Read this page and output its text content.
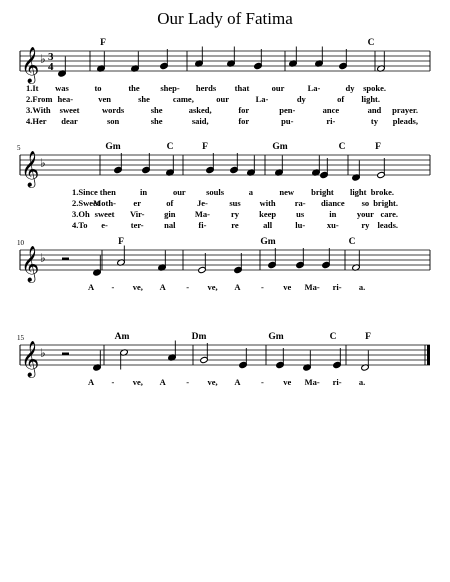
Our Lady of Fatima
𝄞 ♭ 3
4
F	C
1.It was	to	the shep- herds that	our	La-	dy spoke.
2.From hea-	ven	she	came,	our	La-	dy	of light.
3.With sweet	words	she	asked,	for	pen-	ance	and prayer.
4.Her dear	son	she	said,	for	pu-	ri-	ty pleads,
𝄞 ♭
5	Gm	C	F	Gm	C	F
1.Since then	in	our souls	a	new bright light broke.
2.Sweet
Moth- er	of	Je-	sus with ra- diance so bright.
3.Oh sweet Vir- gin Ma- ry keep us	in your care.
4.To e-	ter- nal	fi-	re	all	lu-	xu-	ry leads.
𝄞 ♭
10	F	Gm	C
A - ve, A - ve, A - ve Ma- ri- a.
𝄞 ♭
15	Am	Dm	Gm	C	F
A - ve, A - ve, A - ve Ma- ri- a.
